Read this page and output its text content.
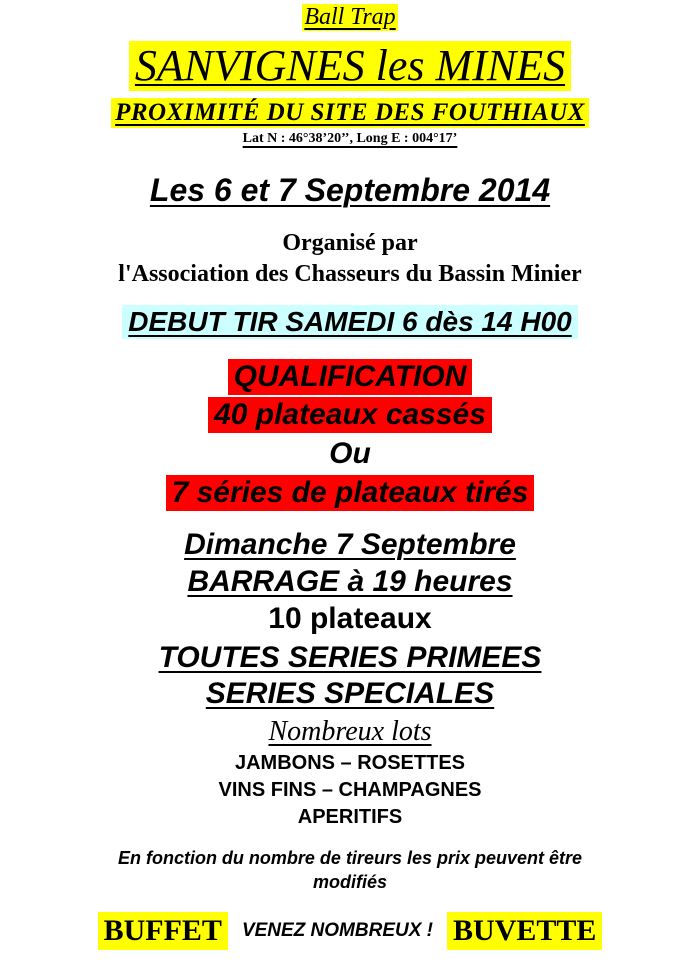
Ball Trap
SANVIGNES les MINES
PROXIMITÉ DU SITE DES FOUTHIAUX
Lat N : 46°38’20’’, Long E : 004°17’
Les 6 et 7 Septembre 2014
Organisé par
l'Association des Chasseurs du Bassin Minier
DEBUT TIR SAMEDI 6 dès 14 H00
QUALIFICATION
40 plateaux cassés
Ou
7 séries de plateaux tirés
Dimanche 7 Septembre
BARRAGE à 19 heures
10 plateaux
TOUTES SERIES PRIMEES
SERIES SPECIALES
Nombreux lots
JAMBONS – ROSETTES
VINS FINS – CHAMPAGNES
APERITIFS
En fonction du nombre de tireurs les prix peuvent être
modifiés
BUFFET VENEZ NOMBREUX ! BUVETTE
